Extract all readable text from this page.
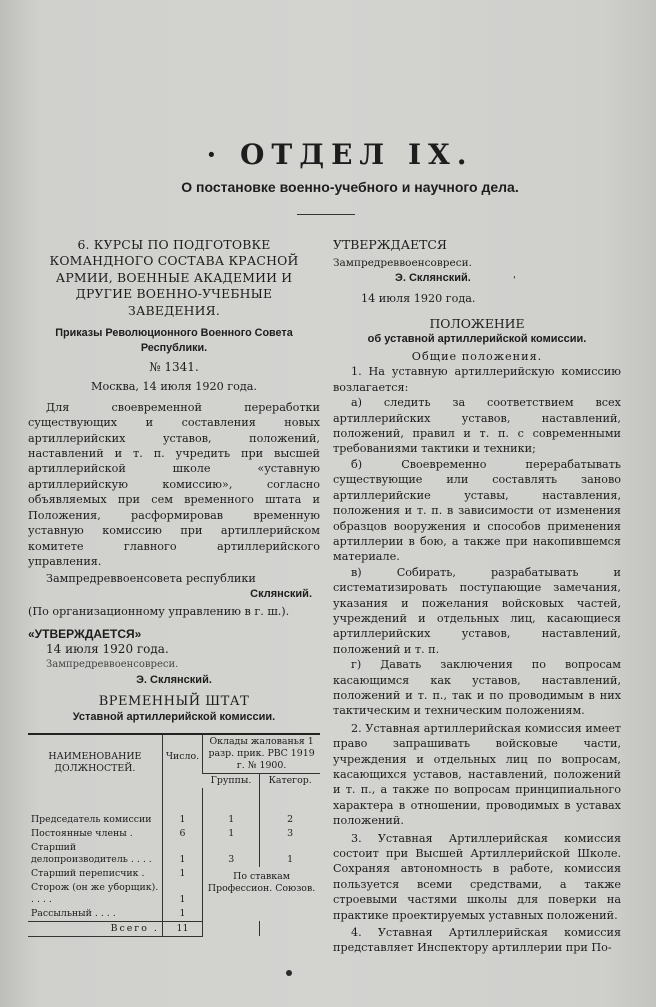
· ОТДЕЛ IX.
О постановке военно-учебного и научного дела.

6. КУРСЫ ПО ПОДГОТОВКЕ КОМАНДНОГО СОСТАВА КРАСНОЙ АРМИИ, ВОЕННЫЕ АКАДЕМИИ И ДРУГИЕ ВОЕННО-УЧЕБНЫЕ ЗАВЕДЕНИЯ.

Приказы Революционного Военного Совета Республики.

№ 1341.

Москва, 14 июля 1920 года.

Для своевременной переработки существующих и составления новых артиллерийских уставов, положений, наставлений и т. п. учредить при высшей артиллерийской школе «уставную артиллерийскую комиссию», согласно объявляемых при сем временного штата и Положения, расформировав временную уставную комиссию при артиллерийском комитете главного артиллерийского управления.

Зампредреввоенсовета республики

Склянский.

(По организационному управлению в г. ш.).

«УТВЕРЖДАЕТСЯ»

14 июля 1920 года.

Зампредреввоенсовреси.

Э. Склянский.

ВРЕМЕННЫЙ ШТАТ

Уставной артиллерийской комиссии.

НАИМЕНОВАНИЕ ДОЛЖНОСТЕЙ.	Число.	Оклады жалованья 1 разр. прик. РВС 1919 г. № 1900.	
		Группы.	Категор.
Председатель комиссии	1	1	2
Постоянные члены .	6	1	3
Старший делопроизводитель . . . .	1	3	1
Старший переписчик .	1	По ставкам Профессион. Союзов.	
Сторож (он же уборщик). . . . .	1		
Рассыльный . . . .	1		
Всего .	11		

УТВЕРЖДАЕТСЯ

Зампредреввоенсовреси.

Э. Склянский.

14 июля 1920 года.

ПОЛОЖЕНИЕ

об уставной артиллерийской комиссии.

Общие положения.

1. На уставную артиллерийскую комиссию возлагается:

а) следить за соответствием всех артиллерийских уставов, наставлений, положений, правил и т. п. с современными требованиями тактики и техники;

б) Своевременно перерабатывать существующие или составлять заново артиллерийские уставы, наставления, положения и т. п. в зависимости от изменения образцов вооружения и способов применения артиллерии в бою, а также при накопившемся материале.

в) Собирать, разрабатывать и систематизировать поступающие замечания, указания и пожелания войсковых частей, учреждений и отдельных лиц, касающиеся артиллерийских уставов, наставлений, положений и т. п.

г) Давать заключения по вопросам касающимся как уставов, наставлений, положений и т. п., так и по проводимым в них тактическим и техническим положениям.

2. Уставная артиллерийская комиссия имеет право запрашивать войсковые части, учреждения и отдельных лиц по вопросам, касающихся уставов, наставлений, положений и т. п., а также по вопросам принципиального характера в отношении, проводимых в уставах положений.

3. Уставная Артиллерийская комиссия состоит при Высшей Артиллерийской Школе. Сохраняя автономность в работе, комиссия пользуется всеми средствами, а также строевыми частями школы для поверки на практике проектируемых уставных положений.

4. Уставная Артиллерийская комиссия представляет Инспектору артиллерии при По-

ʹ
